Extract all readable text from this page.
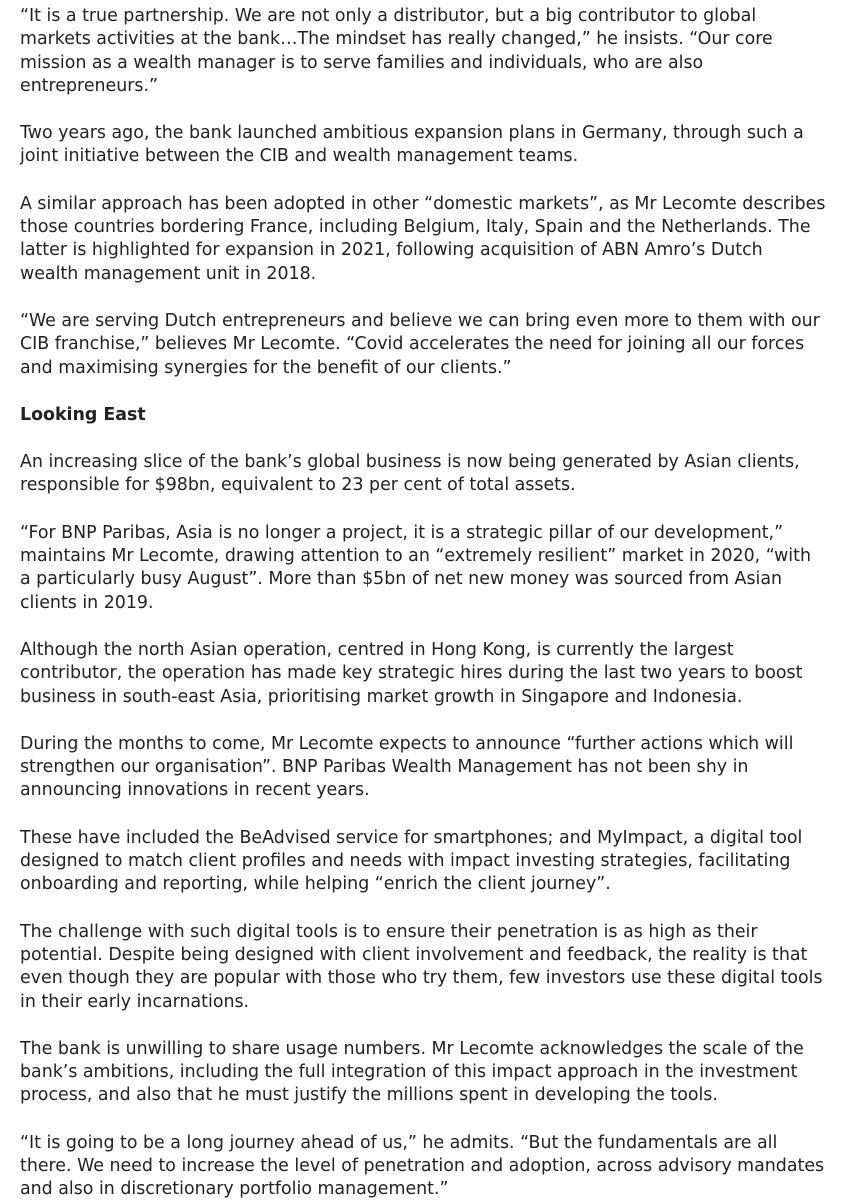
“It is a true partnership. We are not only a distributor, but a big contributor to global markets activities at the bank…The mindset has really changed,” he insists. “Our core mission as a wealth manager is to serve families and individuals, who are also entrepreneurs.”

Two years ago, the bank launched ambitious expansion plans in Germany, through such a joint initiative between the CIB and wealth management teams.

A similar approach has been adopted in other “domestic markets”, as Mr Lecomte describes those countries bordering France, including Belgium, Italy, Spain and the Netherlands. The latter is highlighted for expansion in 2021, following acquisition of ABN Amro’s Dutch wealth management unit in 2018.

“We are serving Dutch entrepreneurs and believe we can bring even more to them with our CIB franchise,” believes Mr Lecomte. “Covid accelerates the need for joining all our forces and maximising synergies for the benefit of our clients.”

Looking East

An increasing slice of the bank’s global business is now being generated by Asian clients, responsible for $98bn, equivalent to 23 per cent of total assets.

“For BNP Paribas, Asia is no longer a project, it is a strategic pillar of our development,” maintains Mr Lecomte, drawing attention to an “extremely resilient” market in 2020, “with a particularly busy August”. More than $5bn of net new money was sourced from Asian clients in 2019.

Although the north Asian operation, centred in Hong Kong, is currently the largest contributor, the operation has made key strategic hires during the last two years to boost business in south-east Asia, prioritising market growth in Singapore and Indonesia.

During the months to come, Mr Lecomte expects to announce “further actions which will strengthen our organisation”. BNP Paribas Wealth Management has not been shy in announcing innovations in recent years.

These have included the BeAdvised service for smartphones; and MyImpact, a digital tool designed to match client profiles and needs with impact investing strategies, facilitating onboarding and reporting, while helping “enrich the client journey”.

The challenge with such digital tools is to ensure their penetration is as high as their potential. Despite being designed with client involvement and feedback, the reality is that even though they are popular with those who try them, few investors use these digital tools in their early incarnations.

The bank is unwilling to share usage numbers. Mr Lecomte acknowledges the scale of the bank’s ambitions, including the full integration of this impact approach in the investment process, and also that he must justify the millions spent in developing the tools.

“It is going to be a long journey ahead of us,” he admits. “But the fundamentals are all there. We need to increase the level of penetration and adoption, across advisory mandates and also in discretionary portfolio management.”
